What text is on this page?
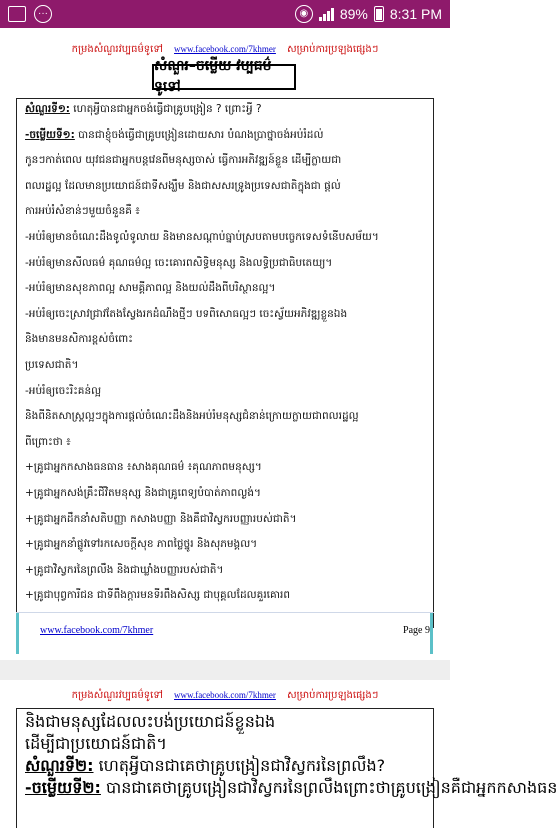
···	◉	89% 8:31 PM
កម្រងសំណួរវប្បធម៌ទូទៅ www.facebook.com/7khmer សម្រាប់ការប្រឡងផ្សេងៗ
សំណួរ–ចម្លើយ វប្បធម៌ទូទៅ
សំណួរទី១: ហេតុអ្វីបានជាអ្នកចង់ធ្វើជាគ្រូបង្រៀន ? ព្រោះអ្វី ?
-ចម្លើយទី១: បានជាខ្ញុំចង់ធ្វើជាគ្រូបង្រៀនដោយសារ បំណងប្រាថ្នាចង់អប់រំដល់
កូនៗកាត់ពេល យុវជនជាអ្នកបន្តវេនពីមនុស្សចាស់ ធ្វើការអភិវឌ្ឍន៍ខ្លួន ដើម្បីក្លាយជា
ពលរដ្ឋល្អ ដែលមានប្រយោជន៍ជាទីសង្ឃឹម និងជាសសរទ្រូងប្រទេសជាតិក្នុងជា ផ្តល់
ការអប់រំសំខាន់ៗមួយចំនួនគឺ ៖
-អប់រំឲ្យមានចំណេះដឹងទូលំទូលាយ និងមានសណ្តាប់ធ្នាប់ស្របតាមបច្ចេកទេសទំនើបសម័យ។
-អប់រំឲ្យមានសីលធម៌ គុណធម៌ល្អ ចេះគោរពសិទ្ធិមនុស្ស និងលទ្ធិប្រជាធិបតេយ្យ។
-អប់រំឲ្យមានសុខភាពល្អ សាមគ្គីភាពល្អ និងយល់ដឹងពីបរិស្ថានល្អ។
-អប់រំឲ្យចេះស្រាវជ្រាវតែងស្វែងរកដំណឹងថ្មីៗ បទពិសោធល្អៗ ចេះស្វ័យអភិវឌ្ឍខ្លួនឯង
និងមានមនសិការខ្ពស់ចំពោះ
ប្រទេសជាតិ។
-អប់រំឲ្យចេះរិះគន់ល្អ
និងពីនិតសាស្ត្រល្អៗក្នុងការផ្តល់ចំណេះដឹងនិងអប់រំមនុស្សជំនាន់ក្រោយក្លាយជាពលរដ្ឋល្អ
ពីព្រោះថា ៖
+គ្រូជាអ្នកកសាងធនធាន ៖សាងគុណធម៌ ៖គុណភាពមនុស្ស។
+គ្រូជាអ្នកសង់គ្រឹះជីវិតមនុស្ស និងជាគ្រូពេទ្យបំបាត់ភាពល្ងង់។
+គ្រូជាអ្នកដឹកនាំសតិបញ្ញា កសាងបញ្ញា និងគឺជាវិស្វករបញ្ញារបស់ជាតិ។
+គ្រូជាអ្នកនាំផ្លូវទៅរកសេចក្តីសុខ ភាពថ្លៃថ្នូរ និងសុភមង្គល។
+គ្រូជាវិស្វករនៃព្រលឹង និងជាឃ្លាំងបញ្ញារបស់ជាតិ។
+គ្រូជាបុព្វការីជន ជាទីពឹងក្តារមនទីរពឹងសិស្ស ជាបុគ្គលដែលគួរគោរព
www.facebook.com/7khmer	Page 9
កម្រងសំណួរវប្បធម៌ទូទៅ www.facebook.com/7khmer សម្រាប់ការប្រឡងផ្សេងៗ
និងជាមនុស្សដែលលះបង់ប្រយោជន៍ខ្លួនឯង
ដើម្បីជាប្រយោជន៍ជាតិ។
សំណួរទី២: ហេតុអ្វីបានជាគេថាគ្រូបង្រៀនជាវិស្វករនៃព្រលឹង?
-ចម្លើយទី២: បានជាគេថាគ្រូបង្រៀនជាវិស្វករនៃព្រលឹងព្រោះថាគ្រូបង្រៀនគឺជាអ្នកកសាងធន
